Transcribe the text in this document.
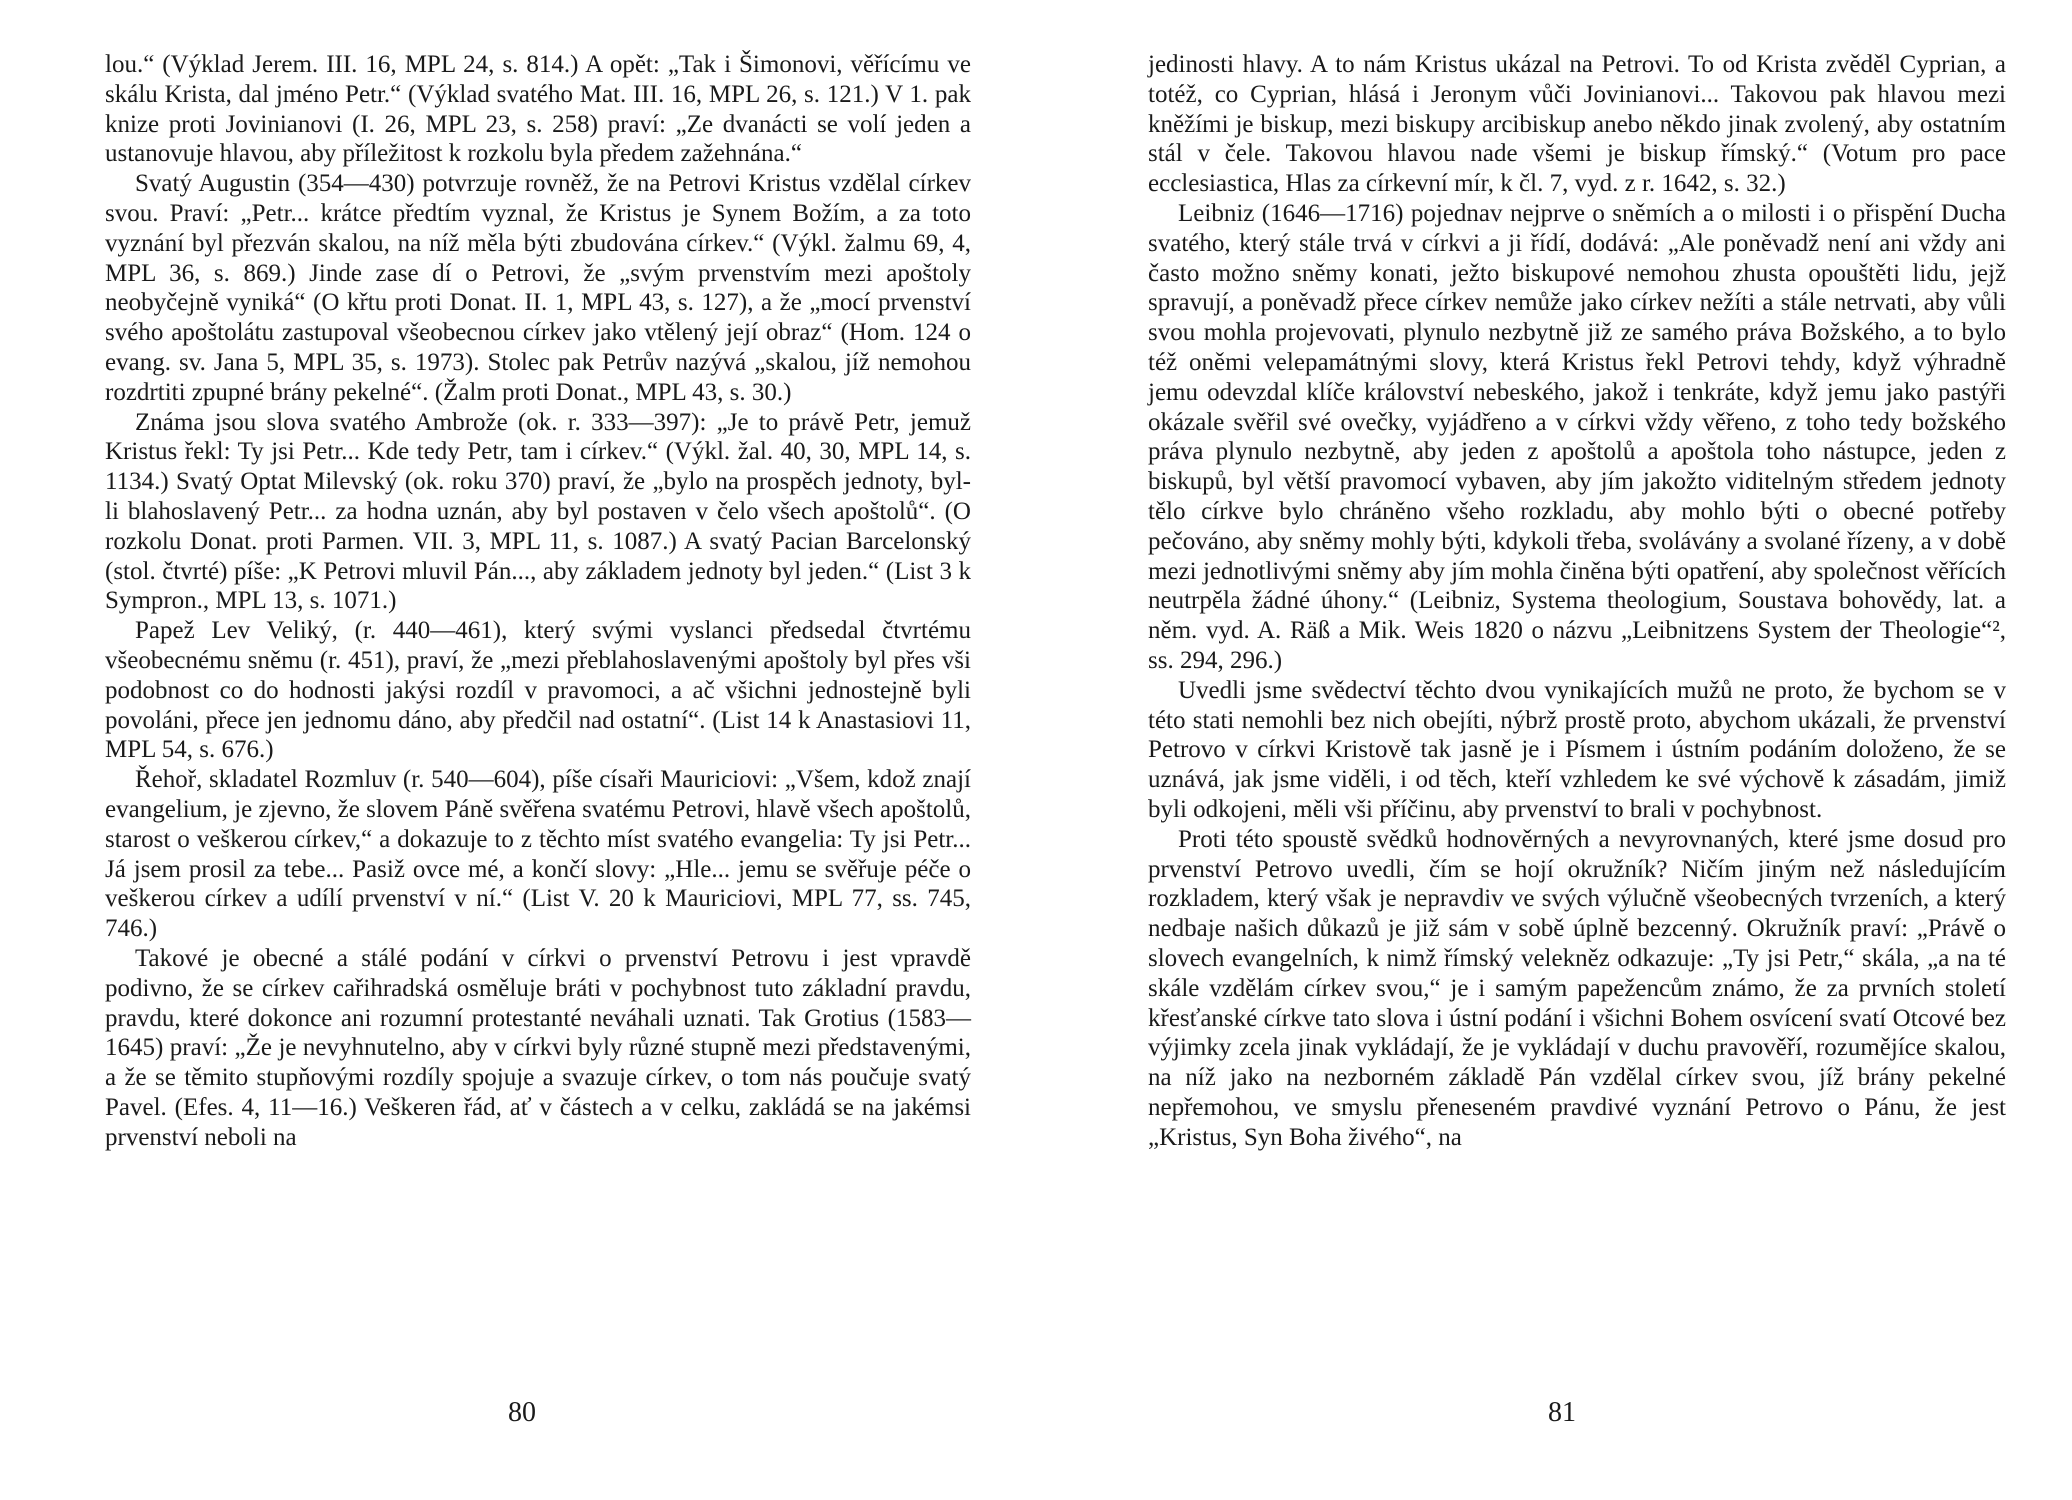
lou.“ (Výklad Jerem. III. 16, MPL 24, s. 814.) A opět: „Tak i Šimonovi, věřícímu ve skálu Krista, dal jméno Petr.“ (Výklad svatého Mat. III. 16, MPL 26, s. 121.) V 1. pak knize proti Jovinianovi (I. 26, MPL 23, s. 258) praví: „Ze dvanácti se volí jeden a ustanovuje hlavou, aby příležitost k rozkolu byla předem zažehnána.“

Svatý Augustin (354—430) potvrzuje rovněž, že na Petrovi Kristus vzdělal církev svou. Praví: „Petr... krátce předtím vyznal, že Kristus je Synem Božím, a za toto vyznání byl přezván skalou, na níž měla býti zbudována církev.“ (Výkl. žalmu 69, 4, MPL 36, s. 869.) Jinde zase dí o Petrovi, že „svým prvenstvím mezi apoštoly neobyčejně vyniká“ (O křtu proti Donat. II. 1, MPL 43, s. 127), a že „mocí prvenství svého apoštolátu zastupoval všeobecnou církev jako vtělený její obraz“ (Hom. 124 o evang. sv. Jana 5, MPL 35, s. 1973). Stolec pak Petrův nazývá „skalou, jíž nemohou rozdrtiti zpupné brány pekelné“. (Žalm proti Donat., MPL 43, s. 30.)

Známa jsou slova svatého Ambrože (ok. r. 333—397): „Je to právě Petr, jemuž Kristus řekl: Ty jsi Petr... Kde tedy Petr, tam i církev.“ (Výkl. žal. 40, 30, MPL 14, s. 1134.) Svatý Optat Milevský (ok. roku 370) praví, že „bylo na prospěch jednoty, byl-li blahoslavený Petr... za hodna uznán, aby byl postaven v čelo všech apoštolů“. (O rozkolu Donat. proti Parmen. VII. 3, MPL 11, s. 1087.) A svatý Pacian Barcelonský (stol. čtvrté) píše: „K Petrovi mluvil Pán..., aby základem jednoty byl jeden.“ (List 3 k Sympron., MPL 13, s. 1071.)

Papež Lev Veliký, (r. 440—461), který svými vyslanci předsedal čtvrtému všeobecnému sněmu (r. 451), praví, že „mezi přeblahoslavenými apoštoly byl přes vši podobnost co do hodnosti jakýsi rozdíl v pravomoci, a ač všichni jednostejně byli povoláni, přece jen jednomu dáno, aby předčil nad ostatní“. (List 14 k Anastasiovi 11, MPL 54, s. 676.)

Řehoř, skladatel Rozmluv (r. 540—604), píše císaři Mauriciovi: „Všem, kdož znají evangelium, je zjevno, že slovem Páně svěřena svatému Petrovi, hlavě všech apoštolů, starost o veškerou církev,“ a dokazuje to z těchto míst svatého evangelia: Ty jsi Petr... Já jsem prosil za tebe... Pasiž ovce mé, a končí slovy: „Hle... jemu se svěřuje péče o veškerou církev a udílí prvenství v ní.“ (List V. 20 k Mauriciovi, MPL 77, ss. 745, 746.)

Takové je obecné a stálé podání v církvi o prvenství Petrovu i jest vpravdě podivno, že se církev cařihradská osměluje bráti v pochybnost tuto základní pravdu, pravdu, které dokonce ani rozumní protestanté neváhali uznati. Tak Grotius (1583—1645) praví: „Že je nevyhnutelno, aby v církvi byly různé stupně mezi představenými, a že se těmito stupňovými rozdíly spojuje a svazuje církev, o tom nás poučuje svatý Pavel. (Efes. 4, 11—16.) Veškeren řád, ať v částech a v celku, zakládá se na jakémsi prvenství neboli na

80

jedinosti hlavy. A to nám Kristus ukázal na Petrovi. To od Krista zvěděl Cyprian, a totéž, co Cyprian, hlásá i Jeronym vůči Jovinianovi... Takovou pak hlavou mezi kněžími je biskup, mezi biskupy arcibiskup anebo někdo jinak zvolený, aby ostatním stál v čele. Takovou hlavou nade všemi je biskup římský.“ (Votum pro pace ecclesiastica, Hlas za církevní mír, k čl. 7, vyd. z r. 1642, s. 32.)

Leibniz (1646—1716) pojednav nejprve o sněmích a o milosti i o přispění Ducha svatého, který stále trvá v církvi a ji řídí, dodává: „Ale poněvadž není ani vždy ani často možno sněmy konati, ježto biskupové nemohou zhusta opouštěti lidu, jejž spravují, a poněvadž přece církev nemůže jako církev nežíti a stále netrvati, aby vůli svou mohla projevovati, plynulo nezbytně již ze samého práva Božského, a to bylo též oněmi velepamátnými slovy, která Kristus řekl Petrovi tehdy, když výhradně jemu odevzdal klíče království nebeského, jakož i tenkráte, když jemu jako pastýři okázale svěřil své ovečky, vyjádřeno a v církvi vždy věřeno, z toho tedy božského práva plynulo nezbytně, aby jeden z apoštolů a apoštola toho nástupce, jeden z biskupů, byl větší pravomocí vybaven, aby jím jakožto viditelným středem jednoty tělo církve bylo chráněno všeho rozkladu, aby mohlo býti o obecné potřeby pečováno, aby sněmy mohly býti, kdykoli třeba, svolávány a svolané řízeny, a v době mezi jednotlivými sněmy aby jím mohla činěna býti opatření, aby společnost věřících neutrpěla žádné úhony.“ (Leibniz, Systema theologium, Soustava bohovědy, lat. a něm. vyd. A. Räß a Mik. Weis 1820 o názvu „Leibnitzens System der Theologie“², ss. 294, 296.)

Uvedli jsme svědectví těchto dvou vynikajících mužů ne proto, že bychom se v této stati nemohli bez nich obejíti, nýbrž prostě proto, abychom ukázali, že prvenství Petrovo v církvi Kristově tak jasně je i Písmem i ústním podáním doloženo, že se uznává, jak jsme viděli, i od těch, kteří vzhledem ke své výchově k zásadám, jimiž byli odkojeni, měli vši příčinu, aby prvenství to brali v pochybnost.

Proti této spoustě svědků hodnověrných a nevyrovnaných, které jsme dosud pro prvenství Petrovo uvedli, čím se hojí okružník? Ničím jiným než následujícím rozkladem, který však je nepravdiv ve svých výlučně všeobecných tvrzeních, a který nedbaje našich důkazů je již sám v sobě úplně bezcenný. Okružník praví: „Právě o slovech evangelních, k nimž římský velekněz odkazuje: „Ty jsi Petr,“ skála, „a na té skále vzdělám církev svou,“ je i samým papežencům známo, že za prvních století křesťanské církve tato slova i ústní podání i všichni Bohem osvícení svatí Otcové bez výjimky zcela jinak vykládají, že je vykládají v duchu pravověří, rozumějíce skalou, na níž jako na nezborném základě Pán vzdělal církev svou, jíž brány pekelné nepřemohou, ve smyslu přeneseném pravdivé vyznání Petrovo o Pánu, že jest „Kristus, Syn Boha živého“, na

81
